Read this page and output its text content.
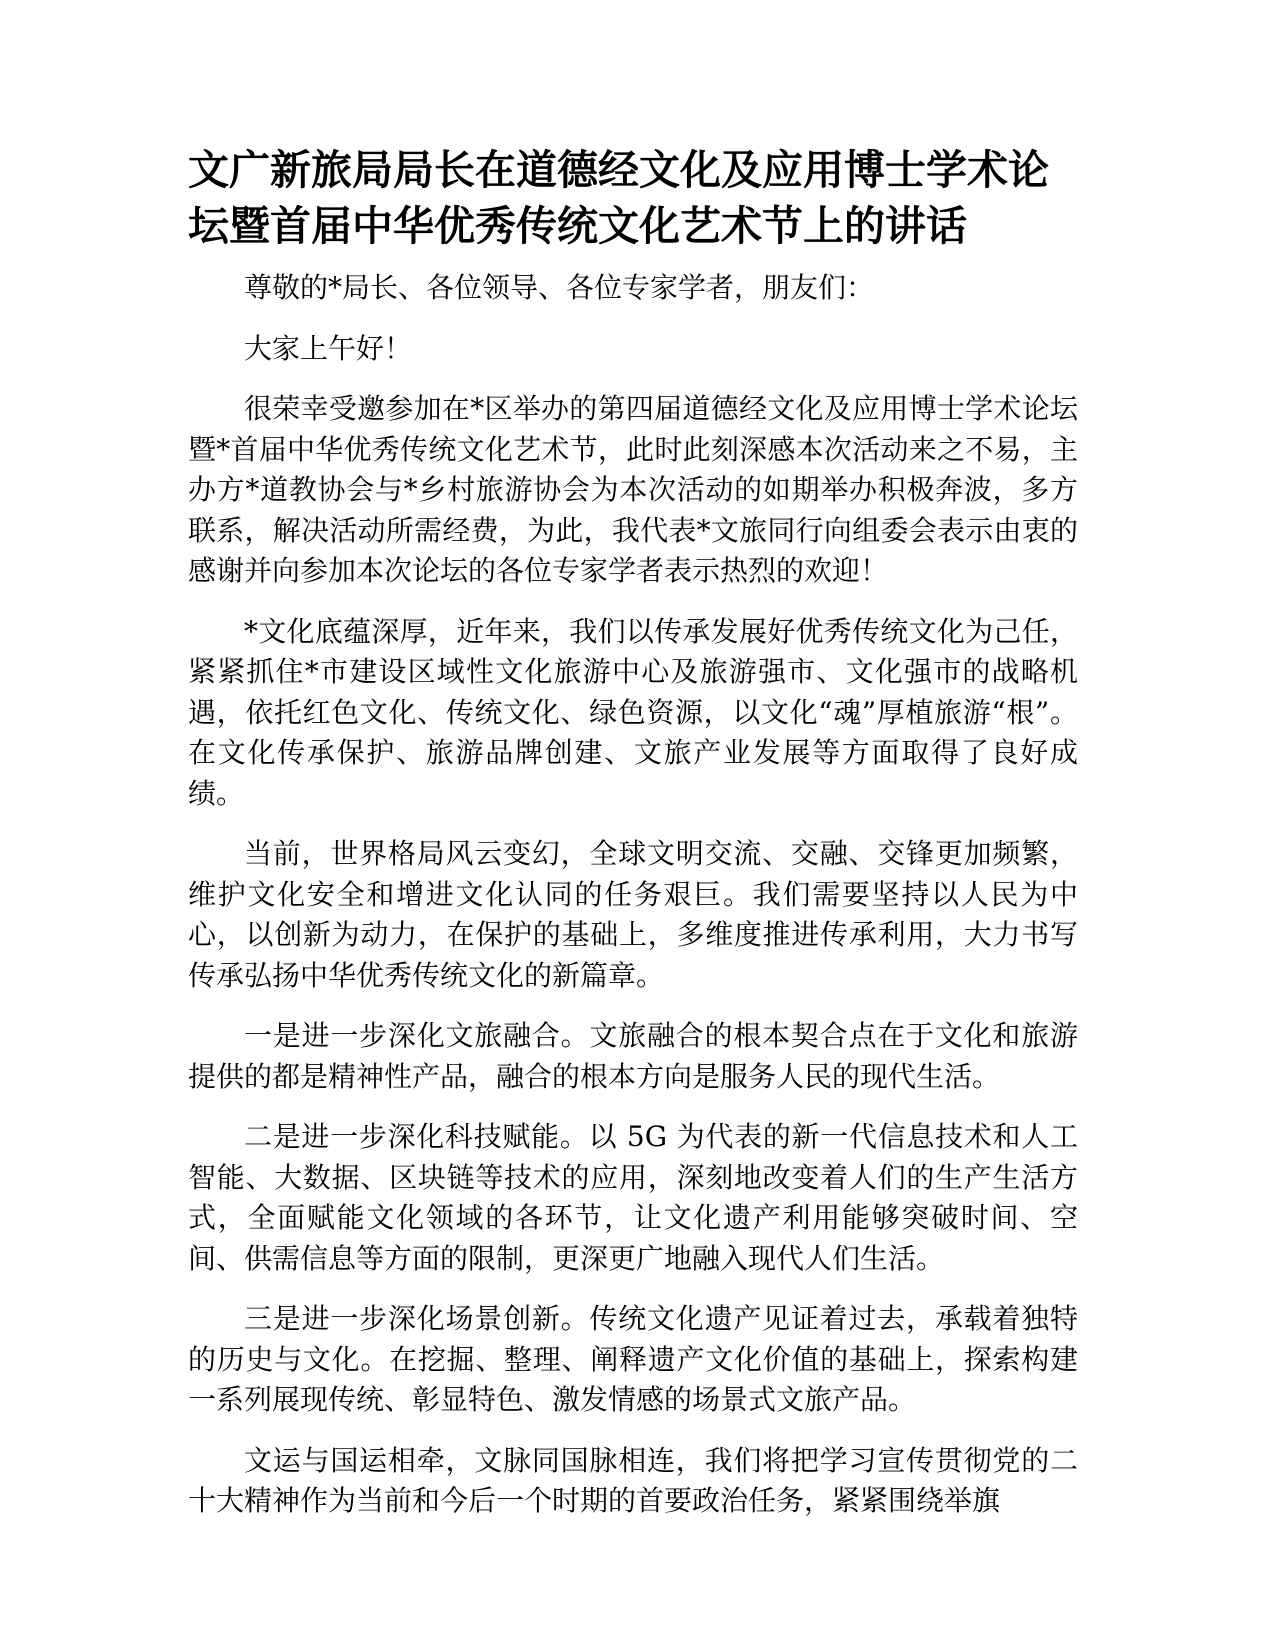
文广新旅局局长在道德经文化及应用博士学术论坛暨首届中华优秀传统文化艺术节上的讲话

尊敬的*局长、各位领导、各位专家学者，朋友们：

大家上午好！

很荣幸受邀参加在*区举办的第四届道德经文化及应用博士学术论坛暨*首届中华优秀传统文化艺术节，此时此刻深感本次活动来之不易，主办方*道教协会与*乡村旅游协会为本次活动的如期举办积极奔波，多方联系，解决活动所需经费，为此，我代表*文旅同行向组委会表示由衷的感谢并向参加本次论坛的各位专家学者表示热烈的欢迎！

*文化底蕴深厚，近年来，我们以传承发展好优秀传统文化为己任，紧紧抓住*市建设区域性文化旅游中心及旅游强市、文化强市的战略机遇，依托红色文化、传统文化、绿色资源，以文化“魂”厚植旅游“根”。在文化传承保护、旅游品牌创建、文旅产业发展等方面取得了良好成绩。

当前，世界格局风云变幻，全球文明交流、交融、交锋更加频繁，维护文化安全和增进文化认同的任务艰巨。我们需要坚持以人民为中心，以创新为动力，在保护的基础上，多维度推进传承利用，大力书写传承弘扬中华优秀传统文化的新篇章。

一是进一步深化文旅融合。文旅融合的根本契合点在于文化和旅游提供的都是精神性产品，融合的根本方向是服务人民的现代生活。

二是进一步深化科技赋能。以 5G 为代表的新一代信息技术和人工智能、大数据、区块链等技术的应用，深刻地改变着人们的生产生活方式，全面赋能文化领域的各环节，让文化遗产利用能够突破时间、空间、供需信息等方面的限制，更深更广地融入现代人们生活。

三是进一步深化场景创新。传统文化遗产见证着过去，承载着独特的历史与文化。在挖掘、整理、阐释遗产文化价值的基础上，探索构建一系列展现传统、彰显特色、激发情感的场景式文旅产品。

文运与国运相牵，文脉同国脉相连，我们将把学习宣传贯彻党的二十大精神作为当前和今后一个时期的首要政治任务，紧紧围绕举旗
